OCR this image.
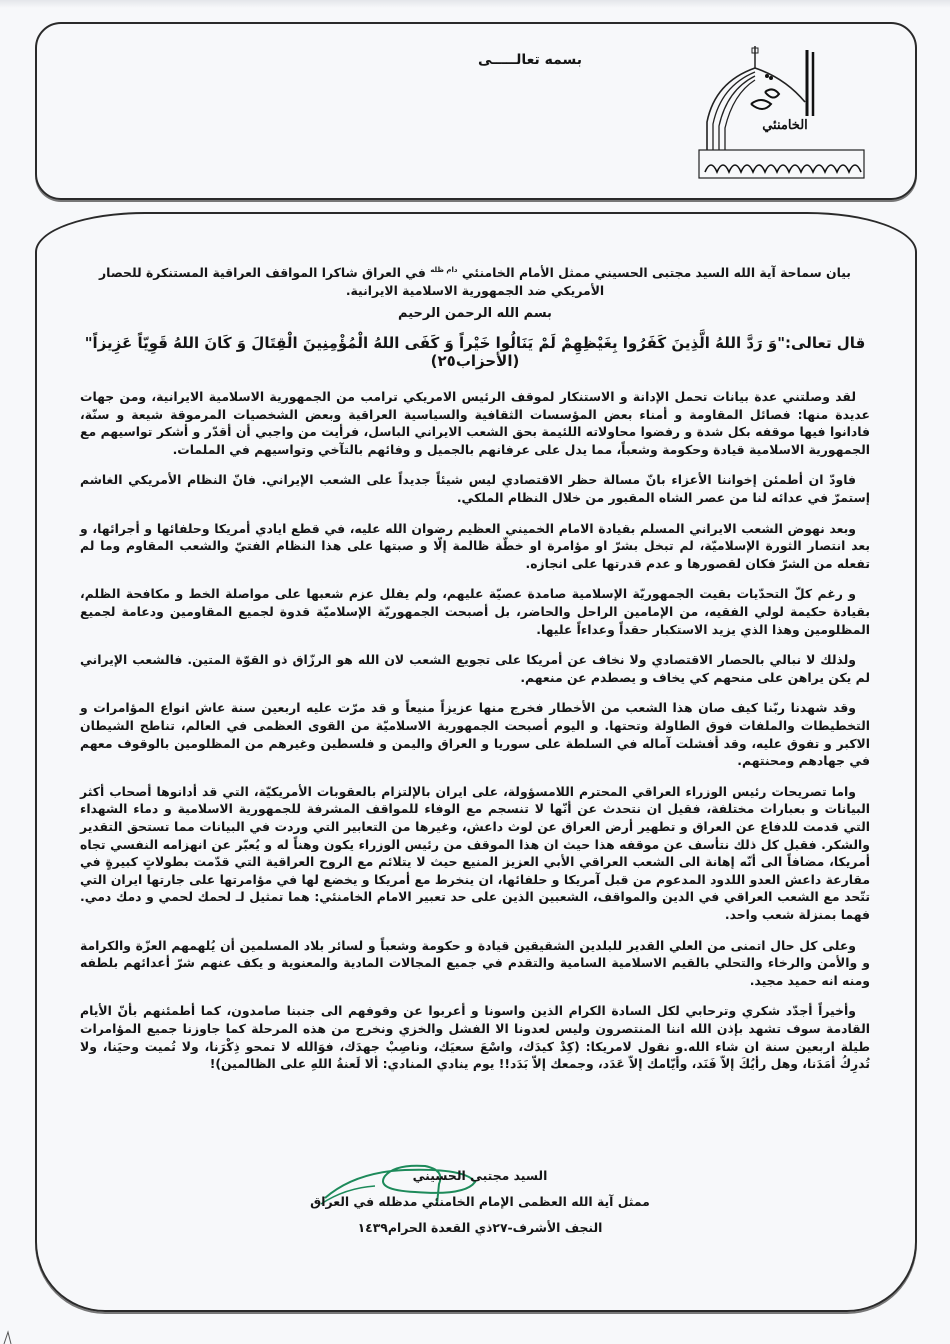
بسمه تعالـــــى
الخامنئي

بيان سماحة آية الله السيد مجتبى الحسيني ممثل الأمام الخامنئي $^{دام ظله}$ في العراق شاكرا المواقف العراقية المستنكرة للحصار الأمريكي ضد الجمهورية الاسلامية الايرانية.

بسم الله الرحمن الرحيم

قال تعالى:"وَ رَدَّ اللهُ الَّذِينَ كَفَرُوا بِغَيْظِهِمْ لَمْ يَنَالُوا خَيْراً وَ كَفَى اللهُ الْمُؤْمِنِينَ الْقِتَالَ وَ كَانَ اللهُ قَوِيّاً عَزِيزاً" (الأحزاب٢٥)

لقد وصلتني عدة بيانات تحمل الإدانة و الاستنكار لموقف الرئيس الامريكي ترامب من الجمهورية الاسلامية الايرانية، ومن جهات عديدة منها: فصائل المقاومة و أمناء بعض المؤسسات الثقافية والسياسية العراقية وبعض الشخصيات المرموقة شيعة و سنّة، فادانوا فيها موقفه بكل شدة و رفضوا محاولاته اللئيمة بحق الشعب الايراني الباسل، فرأيت من واجبي أن أقدّر و أشكر تواسيهم مع الجمهورية الاسلامية قيادة وحكومة وشعباً، مما يدل على عرفانهم بالجميل و وفائهم بالتآخي وتواسيهم في الملمات.

فاودّ ان أطمئن إخواننا الأعزاء بانّ مسالة حظر الاقتصادي ليس شيئاً جديداً على الشعب الإيراني. فانّ النظام الأمريكي الغاشم إستمرّ في عدائه لنا من عصر الشاه المقبور من خلال النظام الملكي.

وبعد نهوض الشعب الايراني المسلم بقيادة الامام الخميني العظيم رضوان الله عليه، في قطع ايادي أمريكا وحلفائها و أجرائها، و بعد انتصار الثورة الإسلاميّة، لم تبخل بشرّ او مؤامرة او خطّة ظالمة إلّا و صبتها على هذا النظام الفتيّ والشعب المقاوم وما لم تفعله من الشرّ فكان لقصورها و عدم قدرتها على انجازه.

و رغم كلّ التحدّيات بقيت الجمهوريّة الإسلامية صامدة عصيّة عليهم، ولم يفلل عزم شعبها على مواصلة الخط و مكافحة الظلم، بقيادة حكيمة لولي الفقيه، من الإمامين الراحل والحاضر، بل أصبحت الجمهوريّة الإسلاميّة قدوة لجميع المقاومين ودعامة لجميع المظلومين وهذا الذي يزيد الاستكبار حقداً وعداءاً عليها.

ولذلك لا نبالي بالحصار الاقتصادي ولا نخاف عن أمريكا على تجويع الشعب لان الله هو الرزّاق ذو القوّة المتين. فالشعب الإيراني لم يكن يراهن على منحهم كي يخاف و يصطدم عن منعهم.

وقد شهدنا ربّنا كيف صان هذا الشعب من الأخطار فخرج منها عزيزاً منيعاً و قد مرّت عليه اربعين سنة عاش انواع المؤامرات و التخطيطات والملفات فوق الطاولة وتحتها. و اليوم أصبحت الجمهورية الاسلاميّة من القوى العظمى في العالم، تناطح الشيطان الاكبر و تفوق عليه، وقد أفشلت آماله في السلطة على سوريا و العراق واليمن و فلسطين وغيرهم من المظلومين بالوقوف معهم في جهادهم ومحنتهم.

واما تصريحات رئيس الوزراء العراقي المحترم اللامسؤولة، على ايران بالإلتزام بالعقوبات الأمريكيّة، التي قد أدانوها أصحاب أكثر البيانات و بعبارات مختلفة، فقيل ان نتحدث عن أنّها لا تنسجم مع الوفاء للمواقف المشرفة للجمهورية الاسلامية و دماء الشهداء التي قدمت للدفاع عن العراق و تطهير أرض العراق عن لوث داعش، وغيرها من التعابير التي وردت في البيانات مما تستحق التقدير والشكر. فقبل كل ذلك نتأسف عن موقفه هذا حيث ان هذا الموقف من رئيس الوزراء يكون وهناً له و يُعبّر عن انهزامه النفسي تجاه أمريكا، مضافاً الى أنّه إهانة الى الشعب العراقي الأبي العزيز المنيع حيث لا يتلائم مع الروح العراقية التي قدّمت بطولاتٍ كبيرةٍ في مقارعة داعش العدو اللدود المدعوم من قبل آمريكا و حلفائها، ان ينخرط مع أمريكا و يخضع لها في مؤامرتها على جارتها ايران التي تتّحد مع الشعب العراقي في الدين والمواقف، الشعبين الذين على حد تعبير الامام الخامنئي: هما تمثيل لـ لحمك لحمي و دمك دمي. فهما بمنزلة شعب واحد.

وعلى كل حال اتمنى من العلي القدير للبلدين الشقيقين قيادة و حكومة وشعباً و لسائر بلاد المسلمين أن يُلهمهم العزّة والكرامة و والأمن والرخاء والتحلي بالقيم الاسلامية السامية والتقدم في جميع المجالات المادية والمعنوية و يكف عنهم شرّ أعدائهم بلطفه ومنه انه حميد مجيد.

وأخيراً أجدّد شكري وترحابي لكل السادة الكرام الذين واسونا و أعربوا عن وقوفهم الى جنبنا صامدون، كما أطمئنهم بأنّ الأيام القادمة سوف تشهد بإذن الله اننا المنتصرون وليس لعدونا الا الفشل والخزي ونخرج من هذه المرحلة كما جاوزنا جميع المؤامرات طيلة اربعين سنة ان شاء الله.و نقول لامريكا: (كِدْ كيدَك، واسْعَ سعيَك، وناصِبْ جهدَك، فوَالله لا تمحو ذِكْرَنا، ولا تُميت وحيَنا، ولا تُدرِكُ أمَدَنا، وهل رأيُكَ إلاّ فَنَد، وأيّامك إلاّ عَدَد، وجمعك إلاّ بَدَد!! يوم ينادي المنادي: ألا لَعنةُ اللهِ على الظالمين)!

السيد مجتبى الحسيني
ممثل آية الله العظمى الإمام الخامنئي مدظله في العراق
النجف الأشرف-٢٧ذي القعدة الحرام١٤٣٩
